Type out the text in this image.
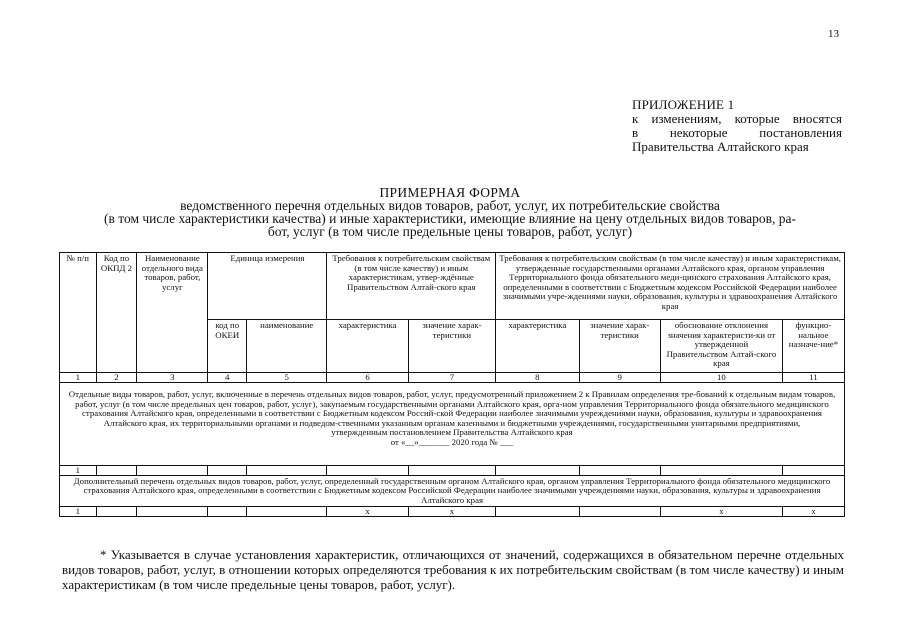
13
ПРИЛОЖЕНИЕ 1
к изменениям, которые вносятся
в некоторые постановления
Правительства Алтайского края
ПРИМЕРНАЯ ФОРМА
ведомственного перечня отдельных видов товаров, работ, услуг, их потребительские свойства
(в том числе характеристики качества) и иные характеристики, имеющие влияние на цену отдельных видов товаров, ра-
бот, услуг (в том числе предельные цены товаров, работ, услуг)
№ п/п	Код по ОКПД 2	Наименование отдельного вида товаров, работ, услуг	Единица измерения		Требования к потребительским свойствам (в том числе качеству) и иным характеристикам, утвер-ждённые Правительством Алтай-ского края		Требования к потребительским свойствам (в том числе качеству) и иным характеристикам, утвержденные государственными органами Алтайского края, органом управления Территориального фонда обязательного меди-цинского страхования Алтайского края, определенными в соответствии с Бюджетным кодексом Российской Федерации наиболее значимыми учре-ждениями науки, образования, культуры и здравоохранения Алтайского края			
			код по ОКЕИ	наименование	характеристика	значение харак-теристики	характеристика	значение харак-теристики	обоснование отклонения значения характеристи-ки от утвержденной Правительством Алтай-ского края	функцио-нальное назначе-ние*
1	2	3	4	5	6	7	8	9	10	11

Отдельные виды товаров, работ, услуг, включенные в перечень отдельных видов товаров, работ, услуг, предусмотренный приложением 2 к Правилам определения тре-бований к отдельным видам товаров, работ, услуг (в том числе предельных цен товаров, работ, услуг), закупаемым государственными органами Алтайского края, орга-ном управления Территориального фонда обязательного медицинского страхования Алтайского края, определенными в соответствии с Бюджетным кодексом Россий-ской Федерации наиболее значимыми учреждениями науки, образования, культуры и здравоохранения Алтайского края, их территориальными органами и подведом-ственными указанным органам казенными и бюджетными учреждениями, государственными унитарными предприятиями,
утвержденным постановлением Правительства Алтайского края
от «__»_______ 2020 года № ___										

1										
Дополнительный перечень отдельных видов товаров, работ, услуг, определенный государственным органом Алтайского края, органом управления Территориального фонда обязательного медицинского страхования Алтайского края, определенными в соответствии с Бюджетным кодексом Российской Федерации наиболее значимыми учреждениями науки, образования, культуры и здравоохранения Алтайского края										
1					x	x			x	x
* Указывается в случае установления характеристик, отличающихся от значений, содержащихся в обязательном перечне отдельных видов товаров, работ, услуг, в отношении которых определяются требования к их потребительским свойствам (в том числе качеству) и иным характеристикам (в том числе предельные цены товаров, работ, услуг).
